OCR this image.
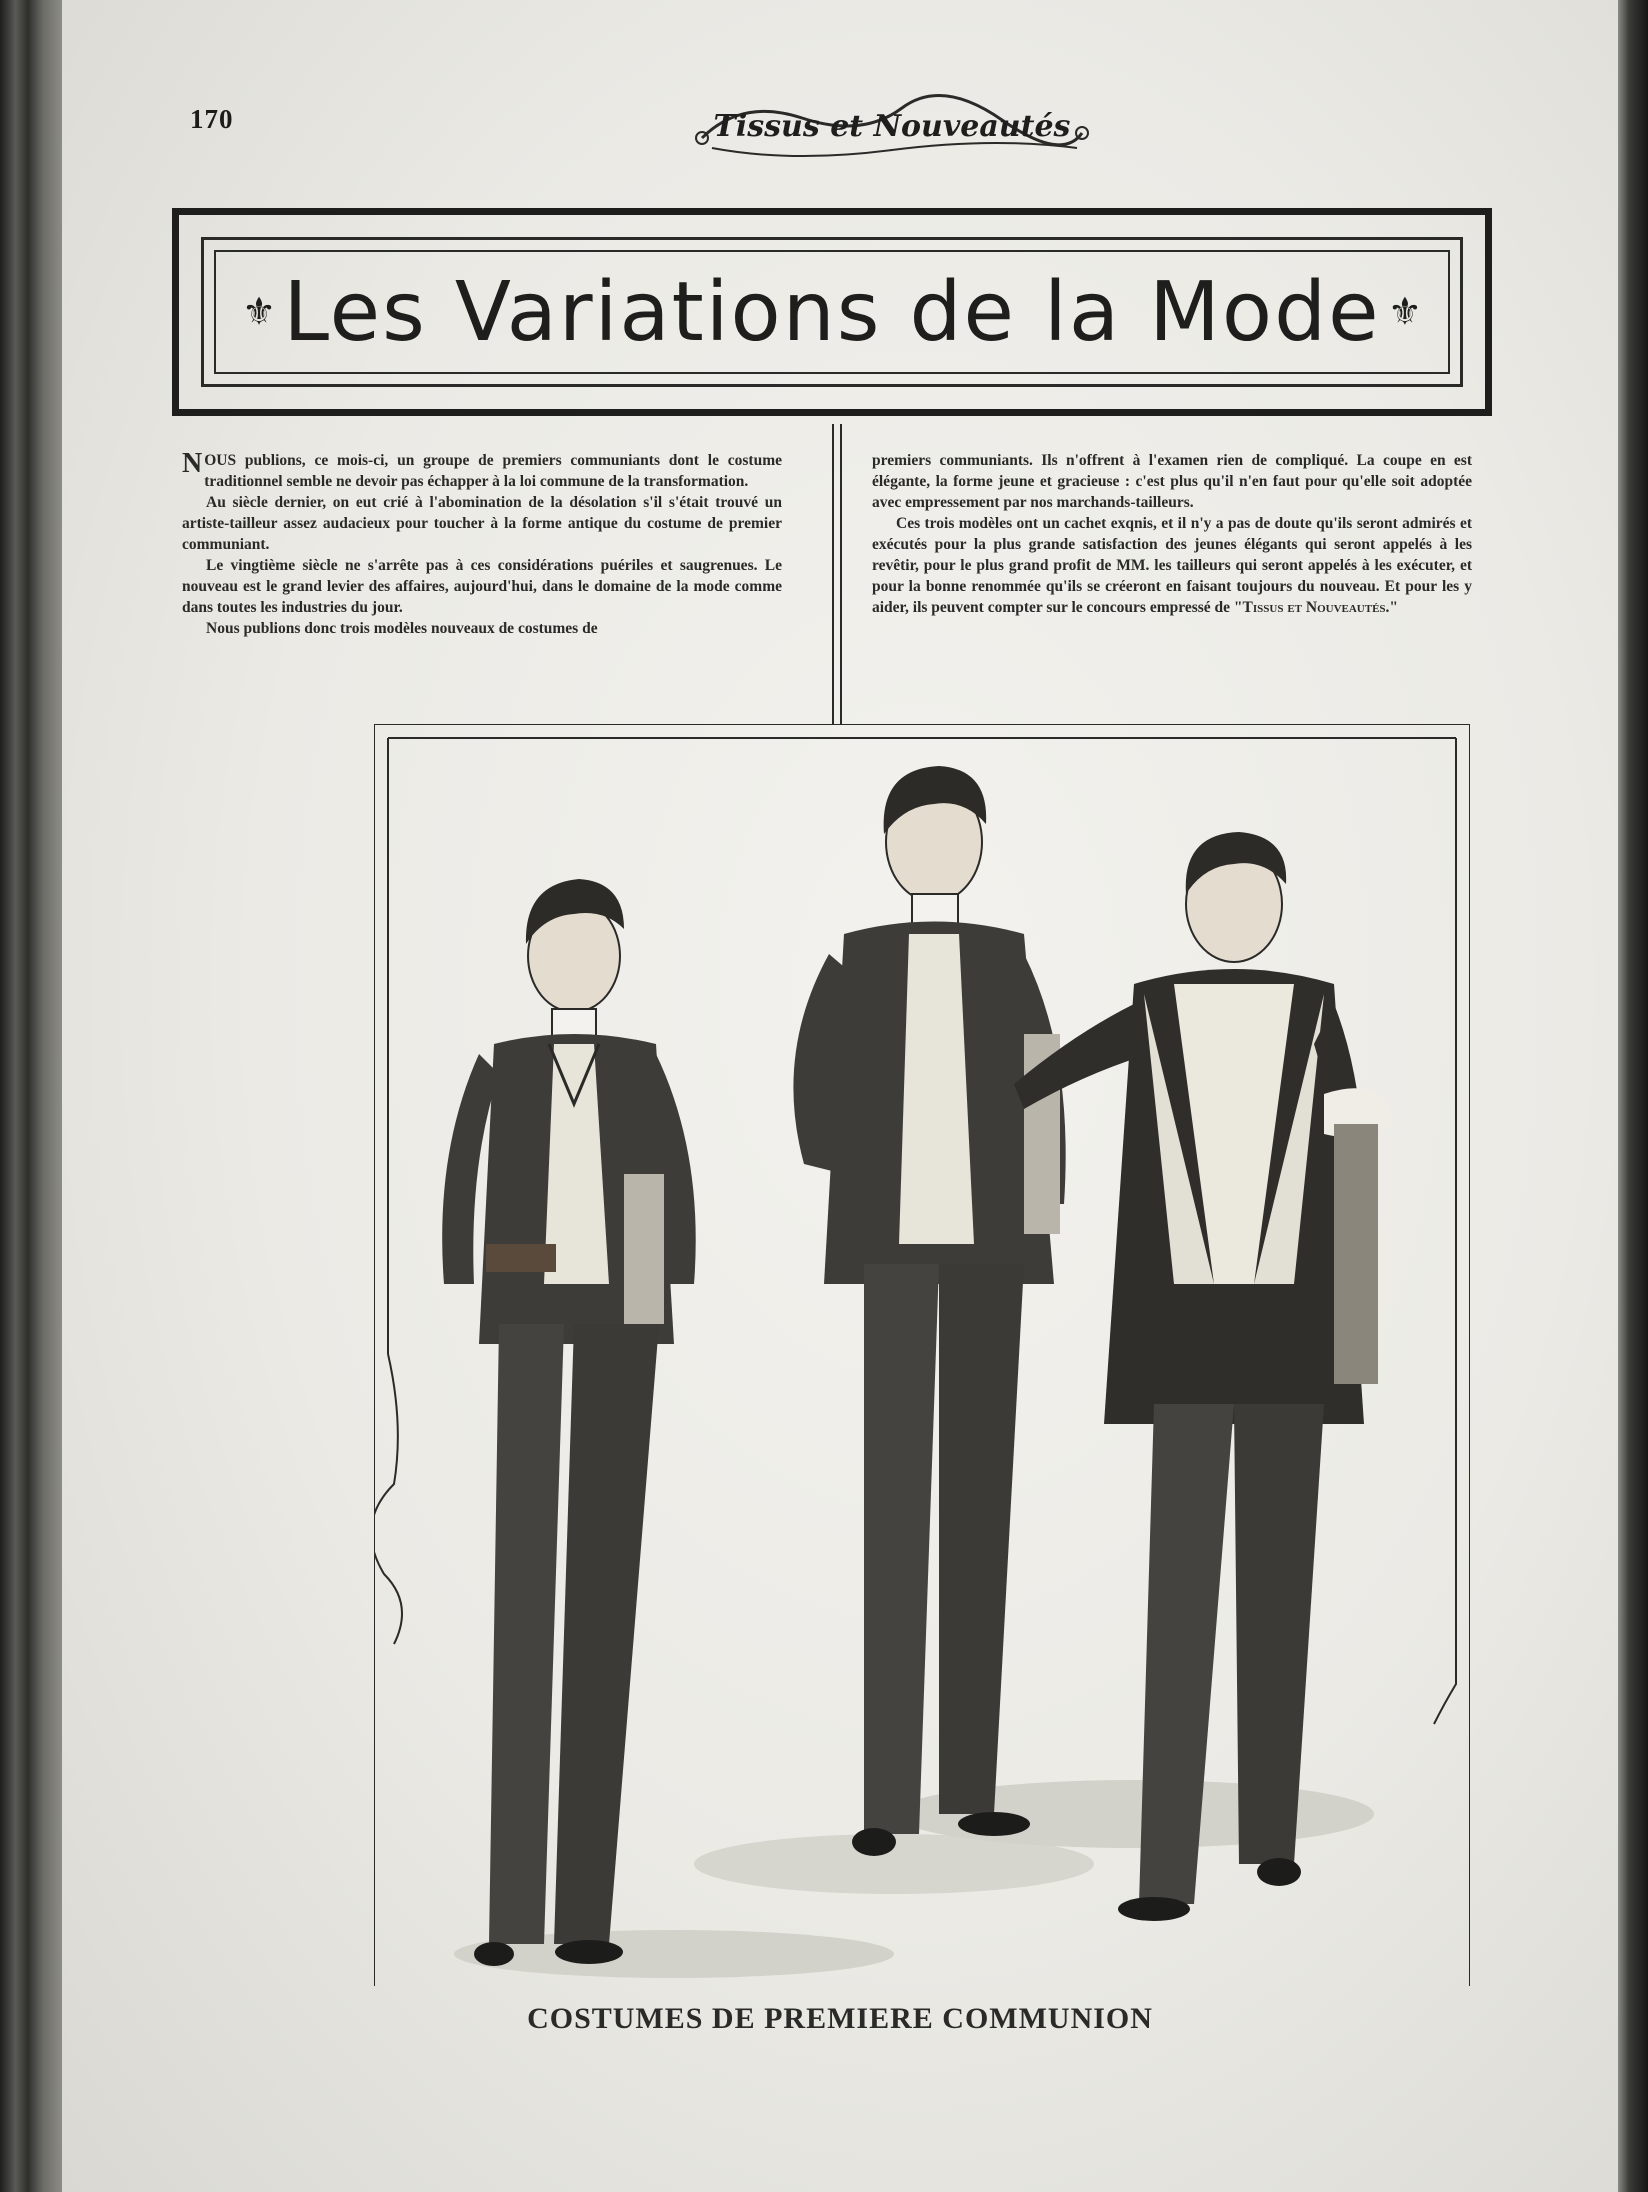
170	Tissus et Nouveautés
⚜ Les Variations de la Mode ⚜

NOUS publions, ce mois-ci, un groupe de premiers communiants dont le costume traditionnel semble ne devoir pas échapper à la loi commune de la transformation.

Au siècle dernier, on eut crié à l'abomination de la désolation s'il s'était trouvé un artiste-tailleur assez audacieux pour toucher à la forme antique du costume de premier communiant.

Le vingtième siècle ne s'arrête pas à ces considérations puériles et saugrenues. Le nouveau est le grand levier des affaires, aujourd'hui, dans le domaine de la mode comme dans toutes les industries du jour.

Nous publions donc trois modèles nouveaux de costumes de

premiers communiants. Ils n'offrent à l'examen rien de compliqué. La coupe en est élégante, la forme jeune et gracieuse : c'est plus qu'il n'en faut pour qu'elle soit adoptée avec empressement par nos marchands-tailleurs.

Ces trois modèles ont un cachet exqnis, et il n'y a pas de doute qu'ils seront admirés et exécutés pour la plus grande satisfaction des jeunes élégants qui seront appelés à les revêtir, pour le plus grand profit de MM. les tailleurs qui seront appelés à les exécuter, et pour la bonne renommée qu'ils se créeront en faisant toujours du nouveau. Et pour les y aider, ils peuvent compter sur le concours empressé de "Tissus et Nouveautés."

COSTUMES DE PREMIERE COMMUNION
